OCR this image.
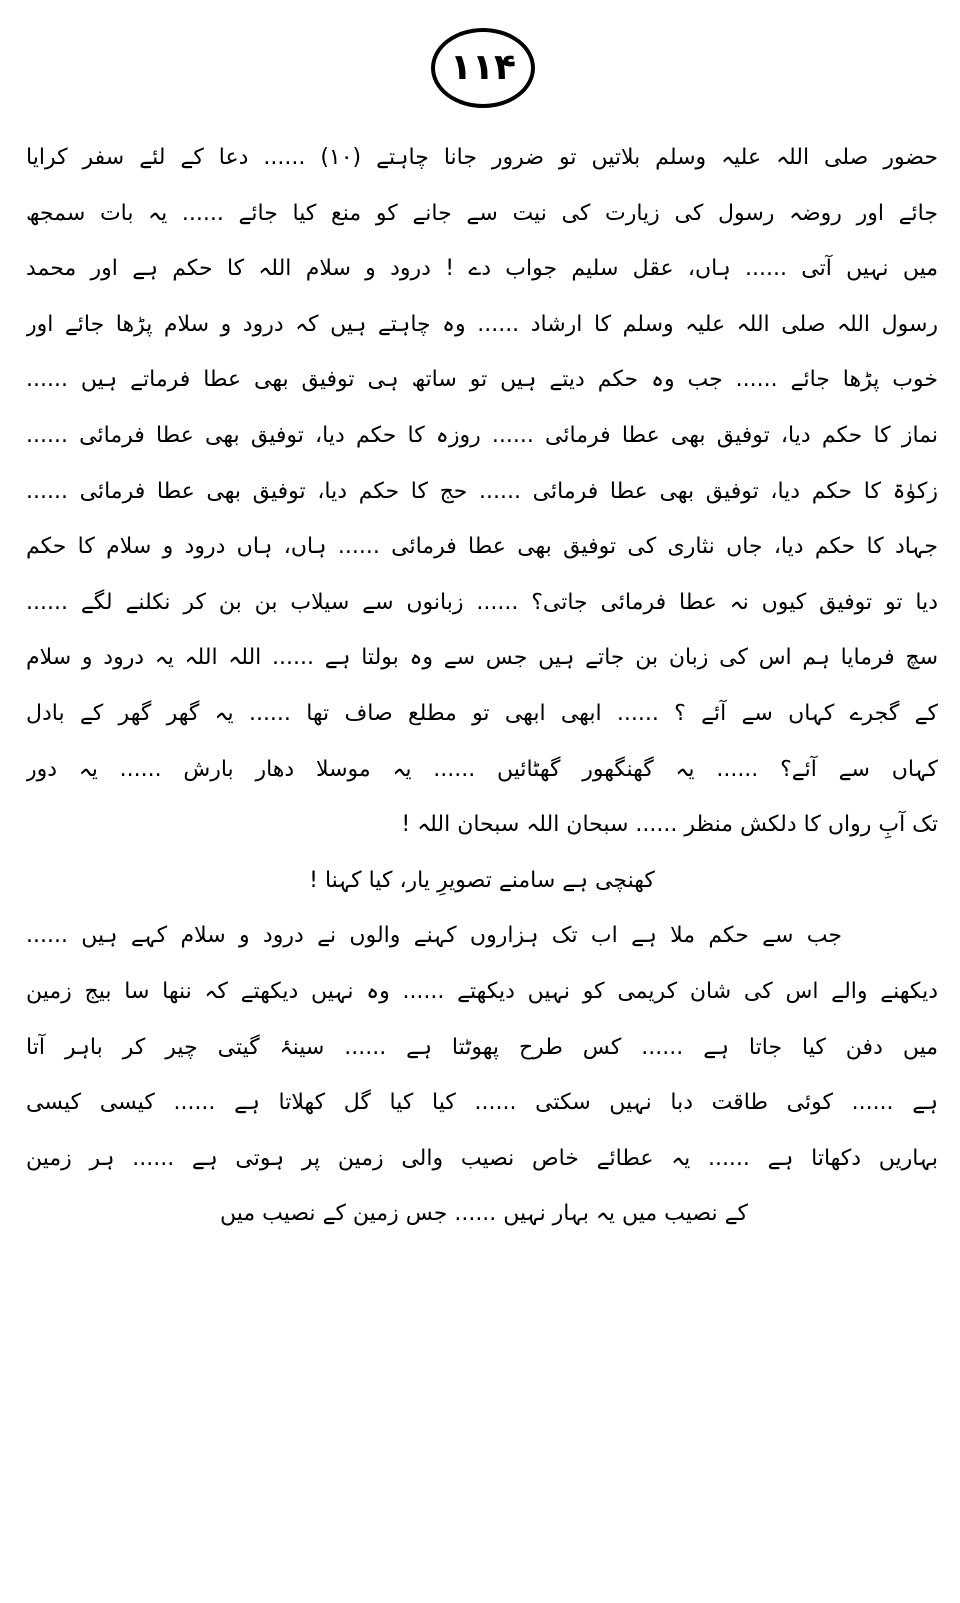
۱۱۴
حضور صلی اللہ علیہ وسلم بلاتیں تو ضرور جانا چاہتے (۱۰) ...... دعا کے لئے سفر کرایا
جائے اور روضہ رسول کی زیارت کی نیت سے جانے کو منع کیا جائے ...... یہ بات سمجھ
میں نہیں آتی ...... ہاں، عقل سلیم جواب دے ! درود و سلام اللہ کا حکم ہے اور محمد
رسول اللہ صلی اللہ علیہ وسلم کا ارشاد ...... وہ چاہتے ہیں کہ درود و سلام پڑھا جائے اور
خوب پڑھا جائے ...... جب وہ حکم دیتے ہیں تو ساتھ ہی توفیق بھی عطا فرماتے ہیں ......
نماز کا حکم دیا، توفیق بھی عطا فرمائی ...... روزہ کا حکم دیا، توفیق بھی عطا فرمائی ......
زکوٰۃ کا حکم دیا، توفیق بھی عطا فرمائی ...... حج کا حکم دیا، توفیق بھی عطا فرمائی ......
جہاد کا حکم دیا، جاں نثاری کی توفیق بھی عطا فرمائی ...... ہاں، ہاں درود و سلام کا حکم
دیا تو توفیق کیوں نہ عطا فرمائی جاتی؟ ...... زبانوں سے سیلاب بن بن کر نکلنے لگے ......
سچ فرمایا ہم اس کی زبان بن جاتے ہیں جس سے وہ بولتا ہے ...... اللہ اللہ یہ درود و سلام
کے گجرے کہاں سے آئے ؟ ...... ابھی ابھی تو مطلع صاف تھا ...... یہ گھر گھر کے بادل
کہاں سے آئے؟ ...... یہ گھنگھور گھٹائیں ...... یہ موسلا دھار بارش ...... یہ دور
تک آبِ رواں کا دلکش منظر ...... سبحان اللہ سبحان اللہ !
کھنچی ہے سامنے تصویرِ یار، کیا کہنا !
جب سے حکم ملا ہے اب تک ہزاروں کہنے والوں نے درود و سلام کہے ہیں ......
دیکھنے والے اس کی شان کریمی کو نہیں دیکھتے ...... وہ نہیں دیکھتے کہ ننھا سا بیج زمین
میں دفن کیا جاتا ہے ...... کس طرح پھوٹتا ہے ...... سینۂ گیتی چیر کر باہر آتا
ہے ...... کوئی طاقت دبا نہیں سکتی ...... کیا کیا گل کھلاتا ہے ...... کیسی کیسی
بہاریں دکھاتا ہے ...... یہ عطائے خاص نصیب والی زمین پر ہوتی ہے ...... ہر زمین
کے نصیب میں یہ بہار نہیں ...... جس زمین کے نصیب میں
